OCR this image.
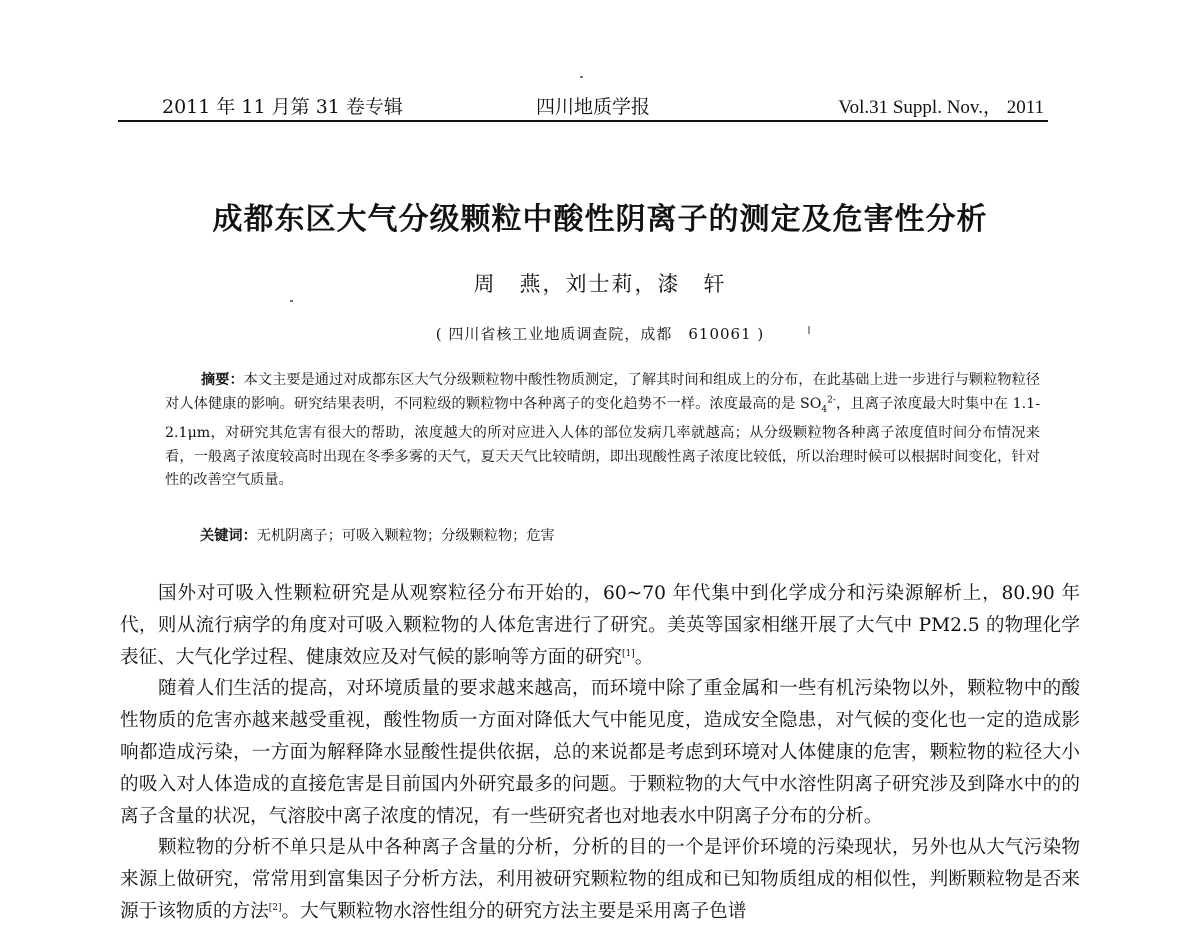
2011 年 11 月第 31 卷专辑	四川地质学报	Vol.31 Suppl. Nov.， 2011
成都东区大气分级颗粒中酸性阴离子的测定及危害性分析
周　燕，刘士莉，漆　轩
( 四川省核工业地质调查院，成都　610061 )

摘要：本文主要是通过对成都东区大气分级颗粒物中酸性物质测定，了解其时间和组成上的分布，在此基础上进一步进行与颗粒物粒径对人体健康的影响。研究结果表明，不同粒级的颗粒物中各种离子的变化趋势不一样。浓度最高的是 $SO_4^{2-}$，且离子浓度最大时集中在 1.1-2.1μm，对研究其危害有很大的帮助，浓度越大的所对应进入人体的部位发病几率就越高；从分级颗粒物各种离子浓度值时间分布情况来看，一般离子浓度较高时出现在冬季多雾的天气，夏天天气比较晴朗，即出现酸性离子浓度比较低，所以治理时候可以根据时间变化，针对性的改善空气质量。

关键词：无机阴离子；可吸入颗粒物；分级颗粒物；危害

国外对可吸入性颗粒研究是从观察粒径分布开始的，60~70 年代集中到化学成分和污染源解析上，80.90 年代，则从流行病学的角度对可吸入颗粒物的人体危害进行了研究。美英等国家相继开展了大气中 PM2.5 的物理化学表征、大气化学过程、健康效应及对气候的影响等方面的研究[1]。

随着人们生活的提高，对环境质量的要求越来越高，而环境中除了重金属和一些有机污染物以外，颗粒物中的酸性物质的危害亦越来越受重视，酸性物质一方面对降低大气中能见度，造成安全隐患，对气候的变化也一定的造成影响都造成污染，一方面为解释降水显酸性提供依据，总的来说都是考虑到环境对人体健康的危害，颗粒物的粒径大小的吸入对人体造成的直接危害是目前国内外研究最多的问题。于颗粒物的大气中水溶性阴离子研究涉及到降水中的的离子含量的状况，气溶胶中离子浓度的情况，有一些研究者也对地表水中阴离子分布的分析。

颗粒物的分析不单只是从中各种离子含量的分析，分析的目的一个是评价环境的污染现状，另外也从大气污染物来源上做研究，常常用到富集因子分析方法，利用被研究颗粒物的组成和已知物质组成的相似性，判断颗粒物是否来源于该物质的方法[2]。大气颗粒物水溶性组分的研究方法主要是采用离子色谱
